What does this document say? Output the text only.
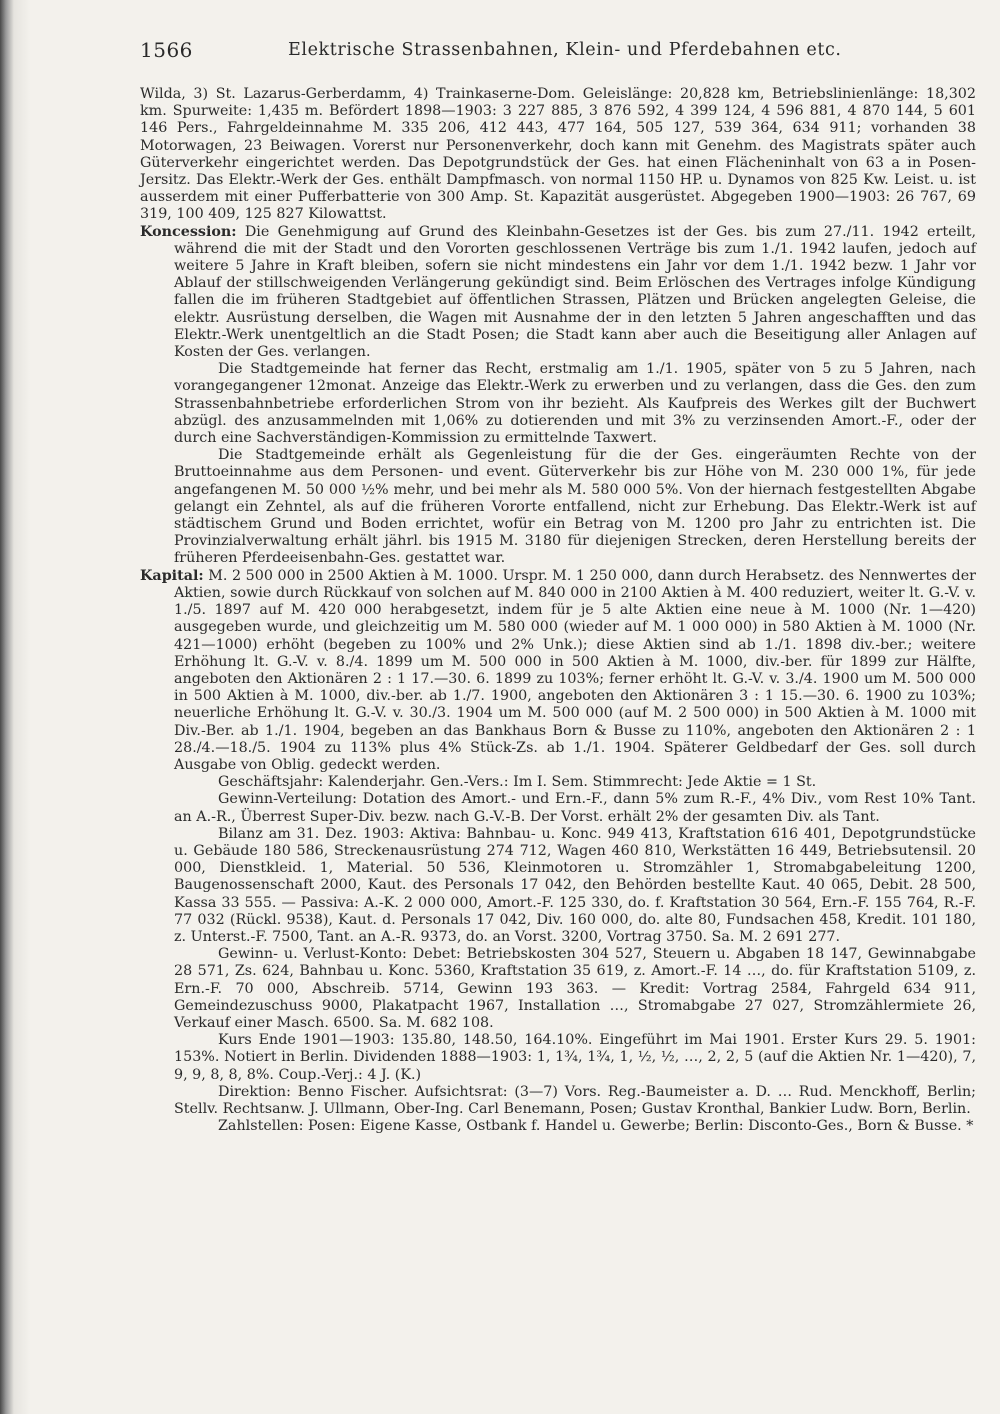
1566	Elektrische Strassenbahnen, Klein- und Pferdebahnen etc.

Wilda, 3) St. Lazarus-Gerberdamm, 4) Trainkaserne-Dom. Geleislänge: 20,828 km, Betriebslinienlänge: 18,302 km. Spurweite: 1,435 m. Befördert 1898—1903: 3 227 885, 3 876 592, 4 399 124, 4 596 881, 4 870 144, 5 601 146 Pers., Fahrgeldeinnahme M. 335 206, 412 443, 477 164, 505 127, 539 364, 634 911; vorhanden 38 Motorwagen, 23 Beiwagen. Vorerst nur Personenverkehr, doch kann mit Genehm. des Magistrats später auch Güterverkehr eingerichtet werden. Das Depotgrundstück der Ges. hat einen Flächeninhalt von 63 a in Posen-Jersitz. Das Elektr.-Werk der Ges. enthält Dampfmasch. von normal 1150 HP. u. Dynamos von 825 Kw. Leist. u. ist ausserdem mit einer Pufferbatterie von 300 Amp. St. Kapazität ausgerüstet. Abgegeben 1900—1903: 26 767, 69 319, 100 409, 125 827 Kilowattst.

Koncession: Die Genehmigung auf Grund des Kleinbahn-Gesetzes ist der Ges. bis zum 27./11. 1942 erteilt, während die mit der Stadt und den Vororten geschlossenen Verträge bis zum 1./1. 1942 laufen, jedoch auf weitere 5 Jahre in Kraft bleiben, sofern sie nicht mindestens ein Jahr vor dem 1./1. 1942 bezw. 1 Jahr vor Ablauf der stillschweigenden Verlängerung gekündigt sind. Beim Erlöschen des Vertrages infolge Kündigung fallen die im früheren Stadtgebiet auf öffentlichen Strassen, Plätzen und Brücken angelegten Geleise, die elektr. Ausrüstung derselben, die Wagen mit Ausnahme der in den letzten 5 Jahren angeschafften und das Elektr.-Werk unentgeltlich an die Stadt Posen; die Stadt kann aber auch die Beseitigung aller Anlagen auf Kosten der Ges. verlangen.

Die Stadtgemeinde hat ferner das Recht, erstmalig am 1./1. 1905, später von 5 zu 5 Jahren, nach vorangegangener 12monat. Anzeige das Elektr.-Werk zu erwerben und zu verlangen, dass die Ges. den zum Strassenbahnbetriebe erforderlichen Strom von ihr bezieht. Als Kaufpreis des Werkes gilt der Buchwert abzügl. des anzusammelnden mit 1,06% zu dotierenden und mit 3% zu verzinsenden Amort.-F., oder der durch eine Sachverständigen-Kommission zu ermittelnde Taxwert.

Die Stadtgemeinde erhält als Gegenleistung für die der Ges. eingeräumten Rechte von der Bruttoeinnahme aus dem Personen- und event. Güterverkehr bis zur Höhe von M. 230 000 1%, für jede angefangenen M. 50 000 ½% mehr, und bei mehr als M. 580 000 5%. Von der hiernach festgestellten Abgabe gelangt ein Zehntel, als auf die früheren Vororte entfallend, nicht zur Erhebung. Das Elektr.-Werk ist auf städtischem Grund und Boden errichtet, wofür ein Betrag von M. 1200 pro Jahr zu entrichten ist. Die Provinzialverwaltung erhält jährl. bis 1915 M. 3180 für diejenigen Strecken, deren Herstellung bereits der früheren Pferdeeisenbahn-Ges. gestattet war.

Kapital: M. 2 500 000 in 2500 Aktien à M. 1000. Urspr. M. 1 250 000, dann durch Herabsetz. des Nennwertes der Aktien, sowie durch Rückkauf von solchen auf M. 840 000 in 2100 Aktien à M. 400 reduziert, weiter lt. G.-V. v. 1./5. 1897 auf M. 420 000 herabgesetzt, indem für je 5 alte Aktien eine neue à M. 1000 (Nr. 1—420) ausgegeben wurde, und gleichzeitig um M. 580 000 (wieder auf M. 1 000 000) in 580 Aktien à M. 1000 (Nr. 421—1000) erhöht (begeben zu 100% und 2% Unk.); diese Aktien sind ab 1./1. 1898 div.-ber.; weitere Erhöhung lt. G.-V. v. 8./4. 1899 um M. 500 000 in 500 Aktien à M. 1000, div.-ber. für 1899 zur Hälfte, angeboten den Aktionären 2 : 1 17.—30. 6. 1899 zu 103%; ferner erhöht lt. G.-V. v. 3./4. 1900 um M. 500 000 in 500 Aktien à M. 1000, div.-ber. ab 1./7. 1900, angeboten den Aktionären 3 : 1 15.—30. 6. 1900 zu 103%; neuerliche Erhöhung lt. G.-V. v. 30./3. 1904 um M. 500 000 (auf M. 2 500 000) in 500 Aktien à M. 1000 mit Div.-Ber. ab 1./1. 1904, begeben an das Bankhaus Born & Busse zu 110%, angeboten den Aktionären 2 : 1 28./4.—18./5. 1904 zu 113% plus 4% Stück-Zs. ab 1./1. 1904. Späterer Geldbedarf der Ges. soll durch Ausgabe von Oblig. gedeckt werden.

Geschäftsjahr: Kalenderjahr. Gen.-Vers.: Im I. Sem. Stimmrecht: Jede Aktie = 1 St.

Gewinn-Verteilung: Dotation des Amort.- und Ern.-F., dann 5% zum R.-F., 4% Div., vom Rest 10% Tant. an A.-R., Überrest Super-Div. bezw. nach G.-V.-B. Der Vorst. erhält 2% der gesamten Div. als Tant.

Bilanz am 31. Dez. 1903: Aktiva: Bahnbau- u. Konc. 949 413, Kraftstation 616 401, Depotgrundstücke u. Gebäude 180 586, Streckenausrüstung 274 712, Wagen 460 810, Werkstätten 16 449, Betriebsutensil. 20 000, Dienstkleid. 1, Material. 50 536, Kleinmotoren u. Stromzähler 1, Stromabgabeleitung 1200, Baugenossenschaft 2000, Kaut. des Personals 17 042, den Behörden bestellte Kaut. 40 065, Debit. 28 500, Kassa 33 555. — Passiva: A.-K. 2 000 000, Amort.-F. 125 330, do. f. Kraftstation 30 564, Ern.-F. 155 764, R.-F. 77 032 (Rückl. 9538), Kaut. d. Personals 17 042, Div. 160 000, do. alte 80, Fundsachen 458, Kredit. 101 180, z. Unterst.-F. 7500, Tant. an A.-R. 9373, do. an Vorst. 3200, Vortrag 3750. Sa. M. 2 691 277.

Gewinn- u. Verlust-Konto: Debet: Betriebskosten 304 527, Steuern u. Abgaben 18 147, Gewinnabgabe 28 571, Zs. 624, Bahnbau u. Konc. 5360, Kraftstation 35 619, z. Amort.-F. 14 …, do. für Kraftstation 5109, z. Ern.-F. 70 000, Abschreib. 5714, Gewinn 193 363. — Kredit: Vortrag 2584, Fahrgeld 634 911, Gemeindezuschuss 9000, Plakatpacht 1967, Installation …, Stromabgabe 27 027, Stromzählermiete 26, Verkauf einer Masch. 6500. Sa. M. 682 108.

Kurs Ende 1901—1903: 135.80, 148.50, 164.10%. Eingeführt im Mai 1901. Erster Kurs 29. 5. 1901: 153%. Notiert in Berlin. Dividenden 1888—1903: 1, 1¾, 1¾, 1, ½, ½, …, 2, 2, 5 (auf die Aktien Nr. 1—420), 7, 9, 9, 8, 8, 8%. Coup.-Verj.: 4 J. (K.)

Direktion: Benno Fischer. Aufsichtsrat: (3—7) Vors. Reg.-Baumeister a. D. … Rud. Menckhoff, Berlin; Stellv. Rechtsanw. J. Ullmann, Ober-Ing. Carl Benemann, Posen; Gustav Kronthal, Bankier Ludw. Born, Berlin.

Zahlstellen: Posen: Eigene Kasse, Ostbank f. Handel u. Gewerbe; Berlin: Disconto-Ges., Born & Busse. *
